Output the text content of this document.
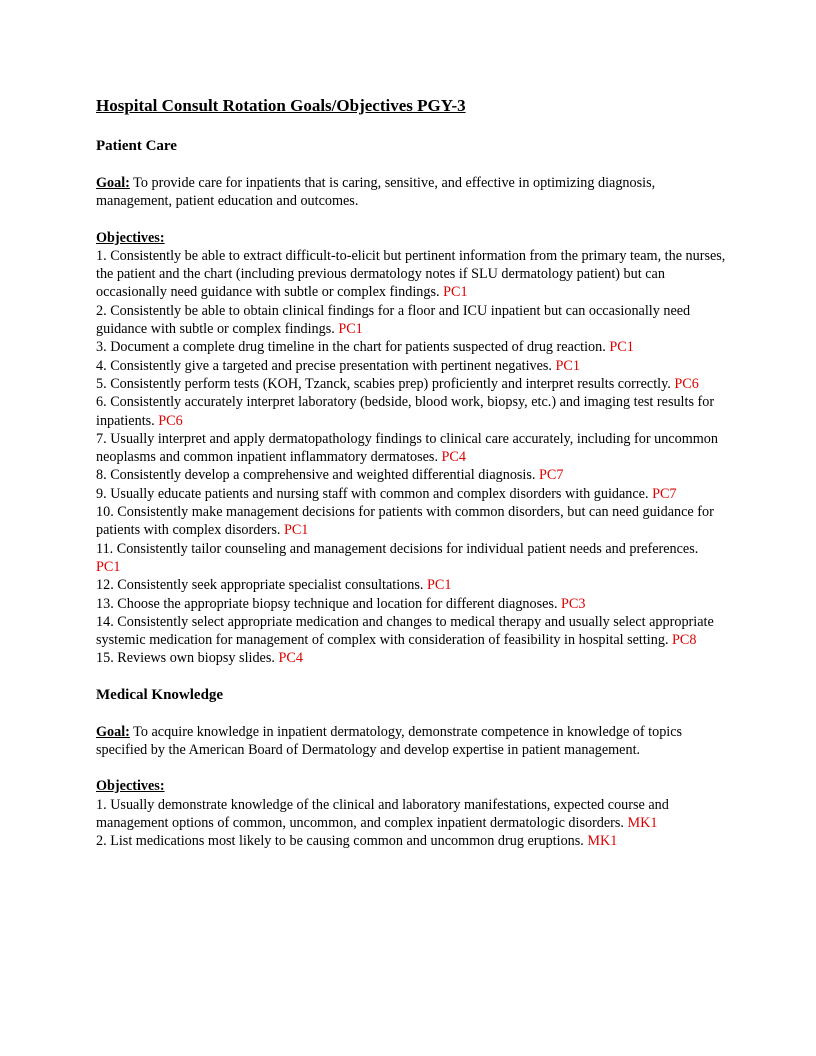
Hospital Consult Rotation Goals/Objectives PGY-3
Patient Care
Goal: To provide care for inpatients that is caring, sensitive, and effective in optimizing diagnosis, management, patient education and outcomes.
Objectives:
1. Consistently be able to extract difficult-to-elicit but pertinent information from the primary team, the nurses, the patient and the chart (including previous dermatology notes if SLU dermatology patient) but can occasionally need guidance with subtle or complex findings. PC1
2. Consistently be able to obtain clinical findings for a floor and ICU inpatient but can occasionally need guidance with subtle or complex findings. PC1
3. Document a complete drug timeline in the chart for patients suspected of drug reaction. PC1
4. Consistently give a targeted and precise presentation with pertinent negatives. PC1
5. Consistently perform tests (KOH, Tzanck, scabies prep) proficiently and interpret results correctly. PC6
6. Consistently accurately interpret laboratory (bedside, blood work, biopsy, etc.) and imaging test results for inpatients. PC6
7. Usually interpret and apply dermatopathology findings to clinical care accurately, including for uncommon neoplasms and common inpatient inflammatory dermatoses. PC4
8. Consistently develop a comprehensive and weighted differential diagnosis. PC7
9. Usually educate patients and nursing staff with common and complex disorders with guidance. PC7
10. Consistently make management decisions for patients with common disorders, but can need guidance for patients with complex disorders. PC1
11. Consistently tailor counseling and management decisions for individual patient needs and preferences. PC1
12. Consistently seek appropriate specialist consultations. PC1
13. Choose the appropriate biopsy technique and location for different diagnoses. PC3
14. Consistently select appropriate medication and changes to medical therapy and usually select appropriate systemic medication for management of complex with consideration of feasibility in hospital setting. PC8
15. Reviews own biopsy slides. PC4
Medical Knowledge
Goal: To acquire knowledge in inpatient dermatology, demonstrate competence in knowledge of topics specified by the American Board of Dermatology and develop expertise in patient management.
Objectives:
1. Usually demonstrate knowledge of the clinical and laboratory manifestations, expected course and management options of common, uncommon, and complex inpatient dermatologic disorders. MK1
2. List medications most likely to be causing common and uncommon drug eruptions. MK1
